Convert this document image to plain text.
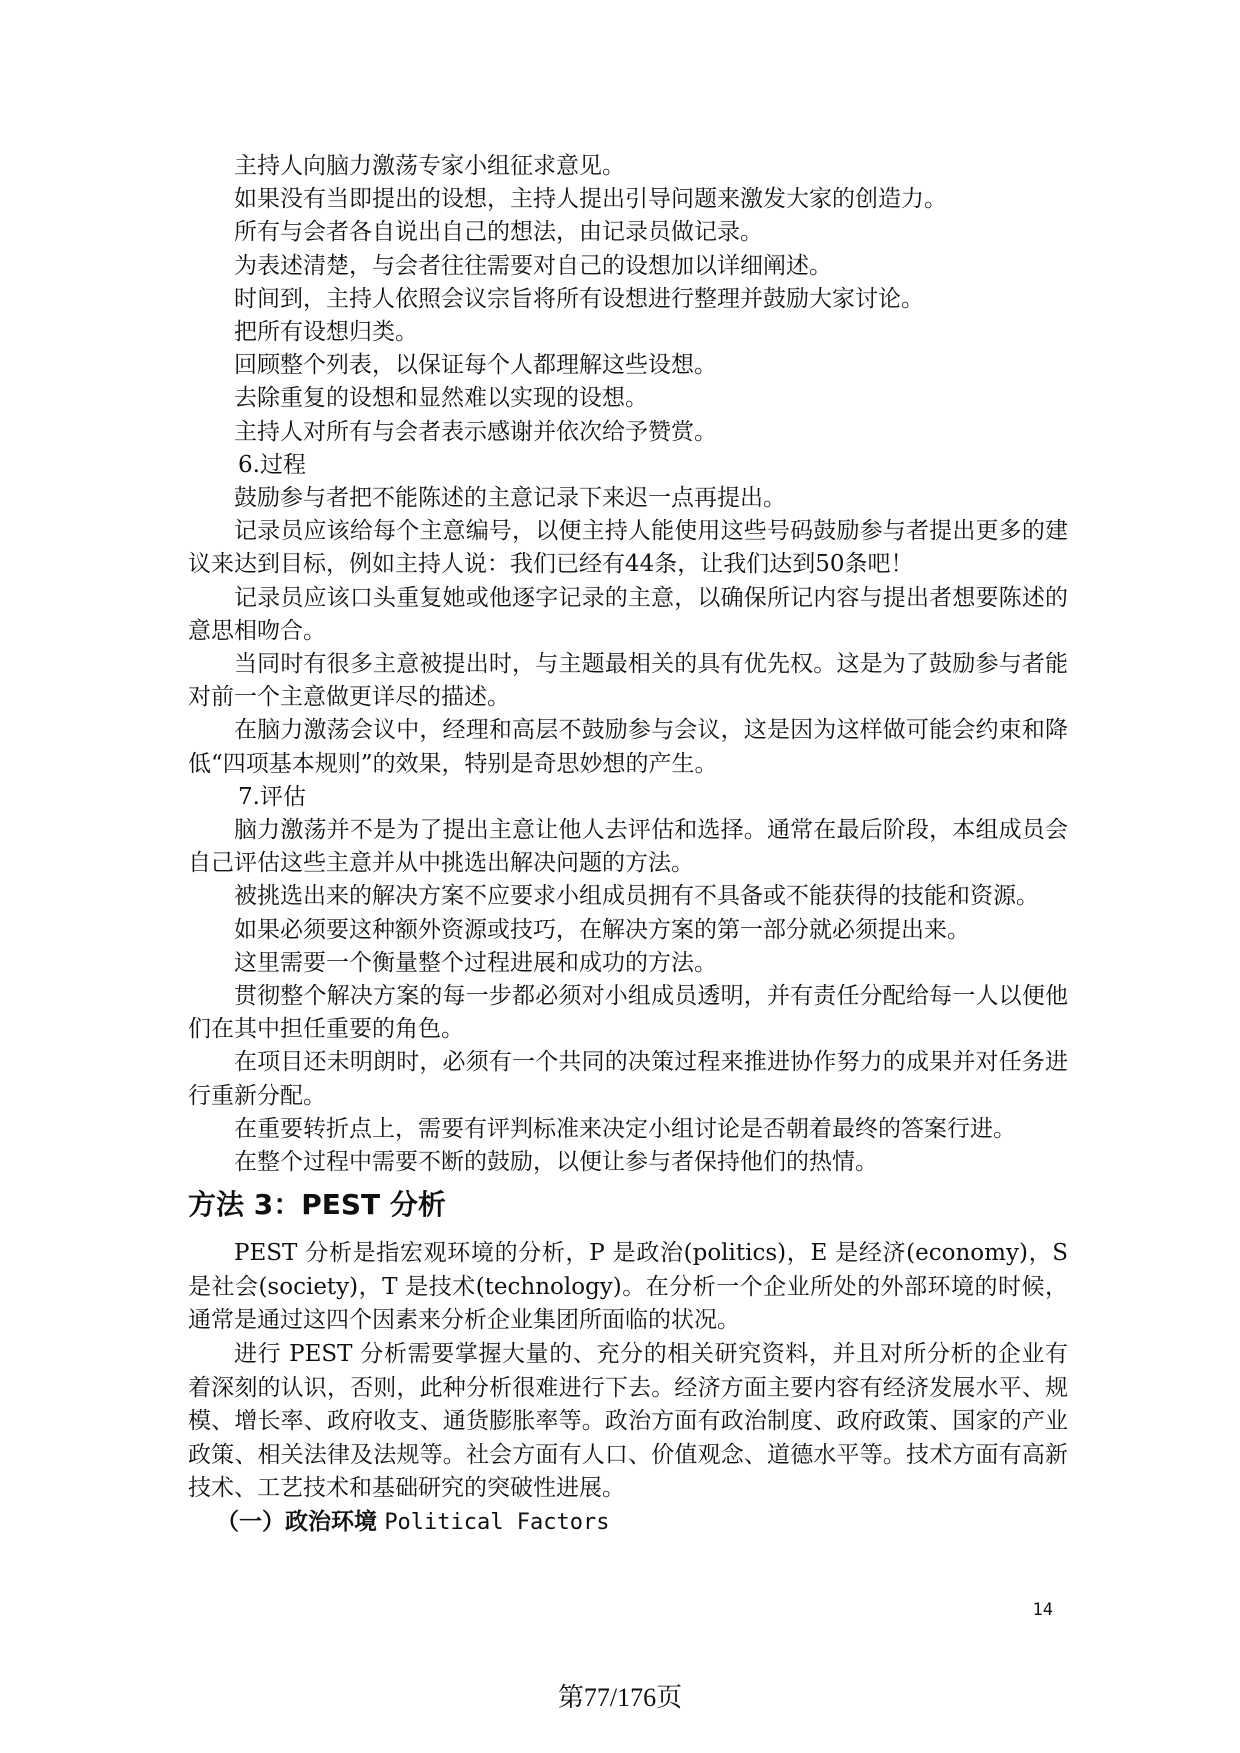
主持人向脑力激荡专家小组征求意见。

如果没有当即提出的设想，主持人提出引导问题来激发大家的创造力。

所有与会者各自说出自己的想法，由记录员做记录。

为表述清楚，与会者往往需要对自己的设想加以详细阐述。

时间到，主持人依照会议宗旨将所有设想进行整理并鼓励大家讨论。

把所有设想归类。

回顾整个列表，以保证每个人都理解这些设想。

去除重复的设想和显然难以实现的设想。

主持人对所有与会者表示感谢并依次给予赞赏。

6.过程

鼓励参与者把不能陈述的主意记录下来迟一点再提出。

记录员应该给每个主意编号，以便主持人能使用这些号码鼓励参与者提出更多的建议来达到目标，例如主持人说：我们已经有44条，让我们达到50条吧！

记录员应该口头重复她或他逐字记录的主意，以确保所记内容与提出者想要陈述的意思相吻合。

当同时有很多主意被提出时，与主题最相关的具有优先权。这是为了鼓励参与者能对前一个主意做更详尽的描述。

在脑力激荡会议中，经理和高层不鼓励参与会议，这是因为这样做可能会约束和降低“四项基本规则”的效果，特别是奇思妙想的产生。

7.评估

脑力激荡并不是为了提出主意让他人去评估和选择。通常在最后阶段，本组成员会自己评估这些主意并从中挑选出解决问题的方法。

被挑选出来的解决方案不应要求小组成员拥有不具备或不能获得的技能和资源。

如果必须要这种额外资源或技巧，在解决方案的第一部分就必须提出来。

这里需要一个衡量整个过程进展和成功的方法。

贯彻整个解决方案的每一步都必须对小组成员透明，并有责任分配给每一人以便他们在其中担任重要的角色。

在项目还未明朗时，必须有一个共同的决策过程来推进协作努力的成果并对任务进行重新分配。

在重要转折点上，需要有评判标准来决定小组讨论是否朝着最终的答案行进。

在整个过程中需要不断的鼓励，以便让参与者保持他们的热情。

方法 3：PEST 分析

PEST 分析是指宏观环境的分析，P 是政治(politics)，E 是经济(economy)，S 是社会(society)，T 是技术(technology)。在分析一个企业所处的外部环境的时候，通常是通过这四个因素来分析企业集团所面临的状况。

进行 PEST 分析需要掌握大量的、充分的相关研究资料，并且对所分析的企业有着深刻的认识，否则，此种分析很难进行下去。经济方面主要内容有经济发展水平、规模、增长率、政府收支、通货膨胀率等。政治方面有政治制度、政府政策、国家的产业政策、相关法律及法规等。社会方面有人口、价值观念、道德水平等。技术方面有高新技术、工艺技术和基础研究的突破性进展。

（一）政治环境 Political Factors

14
第77/176页
